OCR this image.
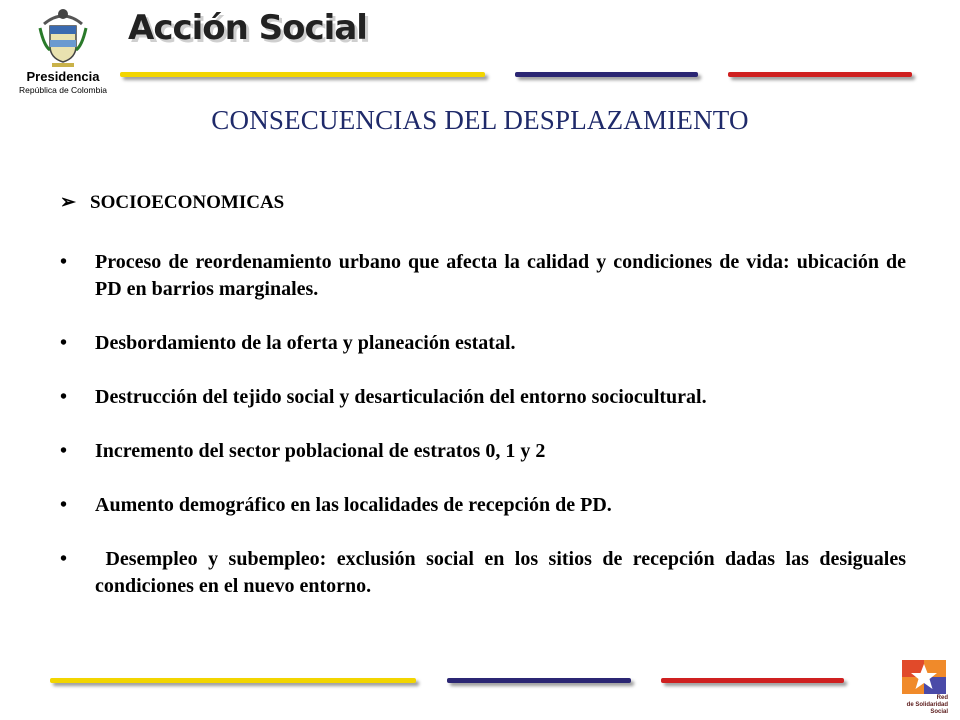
Presidencia
República de Colombia
Acción Social
CONSECUENCIAS DEL DESPLAZAMIENTO
➢ SOCIOECONOMICAS
• Proceso de reordenamiento urbano que afecta la calidad y condiciones de vida: ubicación de PD en barrios marginales.
• Desbordamiento de la oferta y planeación estatal.
• Destrucción del tejido social y desarticulación del entorno sociocultural.
• Incremento del sector poblacional de estratos 0, 1 y 2
• Aumento demográfico en las localidades de recepción de PD.
• Desempleo y subempleo: exclusión social en los sitios de recepción dadas las desiguales condiciones en el nuevo entorno.
Red
de Solidaridad
Social
